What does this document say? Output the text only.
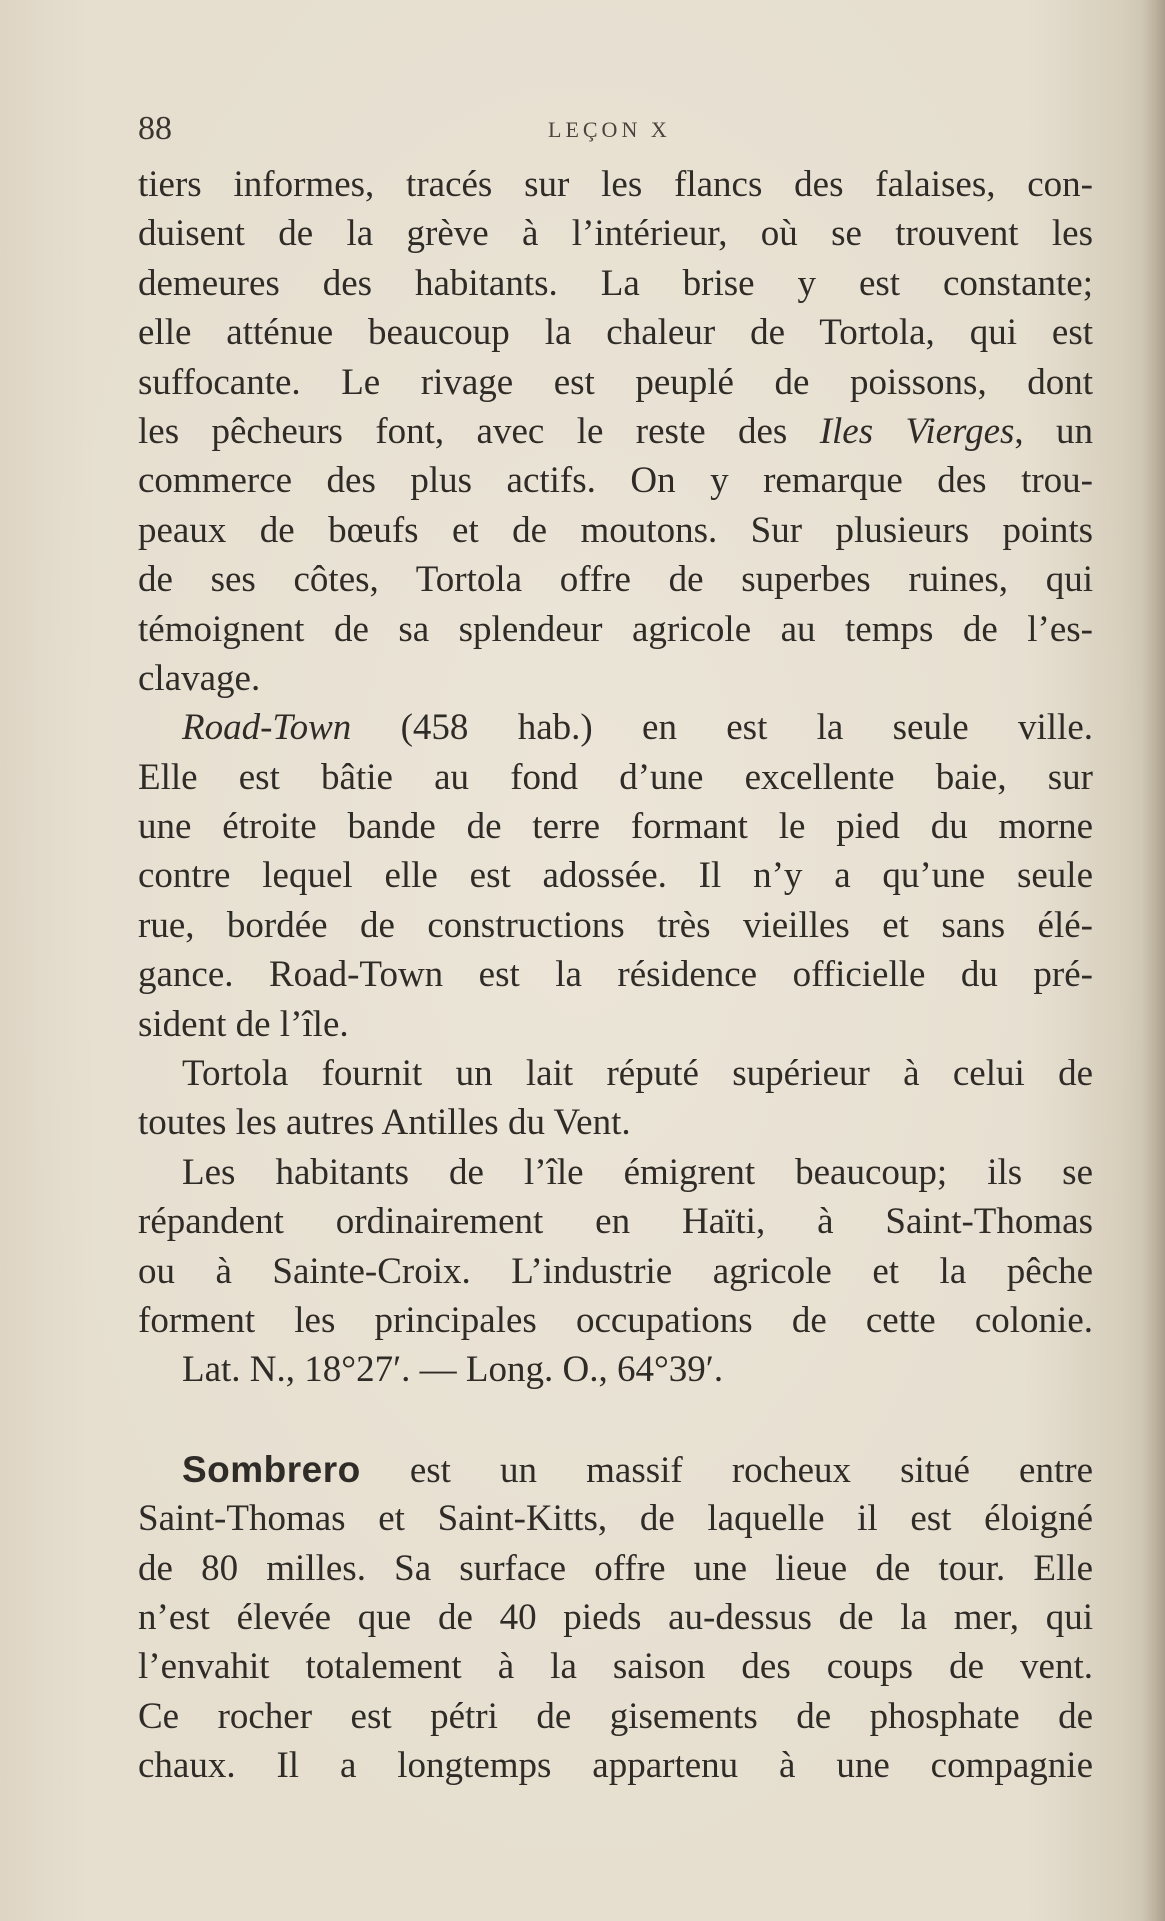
88	LEÇON X
tiers informes, tracés sur les flancs des falaises, con-
duisent de la grève à l’intérieur, où se trouvent les
demeures des habitants. La brise y est constante;
elle atténue beaucoup la chaleur de Tortola, qui est
suffocante. Le rivage est peuplé de poissons, dont
les pêcheurs font, avec le reste des Iles Vierges, un
commerce des plus actifs. On y remarque des trou-
peaux de bœufs et de moutons. Sur plusieurs points
de ses côtes, Tortola offre de superbes ruines, qui
témoignent de sa splendeur agricole au temps de l’es-
clavage.
Road-Town (458 hab.) en est la seule ville.
Elle est bâtie au fond d’une excellente baie, sur
une étroite bande de terre formant le pied du morne
contre lequel elle est adossée. Il n’y a qu’une seule
rue, bordée de constructions très vieilles et sans élé-
gance. Road-Town est la résidence officielle du pré-
sident de l’île.
Tortola fournit un lait réputé supérieur à celui de
toutes les autres Antilles du Vent.
Les habitants de l’île émigrent beaucoup; ils se
répandent ordinairement en Haïti, à Saint-Thomas
ou à Sainte-Croix. L’industrie agricole et la pêche
forment les principales occupations de cette colonie.
Lat. N., 18°27′. — Long. O., 64°39′.
Sombrero est un massif rocheux situé entre
Saint-Thomas et Saint-Kitts, de laquelle il est éloigné
de 80 milles. Sa surface offre une lieue de tour. Elle
n’est élevée que de 40 pieds au-dessus de la mer, qui
l’envahit totalement à la saison des coups de vent.
Ce rocher est pétri de gisements de phosphate de
chaux. Il a longtemps appartenu à une compagnie
